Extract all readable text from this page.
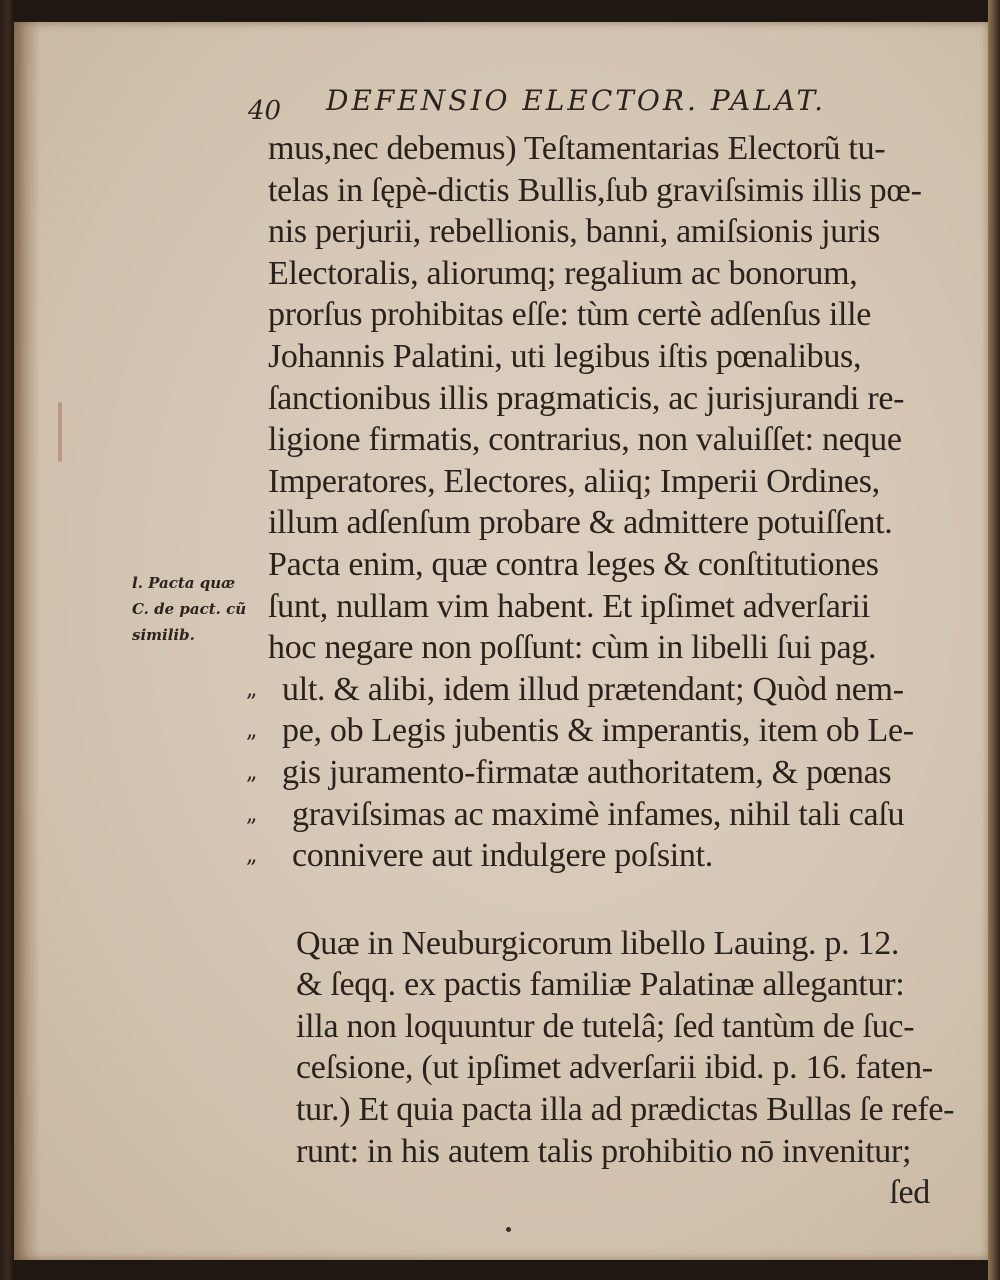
40 DEFENSIO ELECTOR. PALAT.
l. Pacta quæ
C. de pact. cũ
similib.
mus,nec debemus) Teſtamentarias Electorũ tu-
telas in ſępè-dictis Bullis,ſub graviſsimis illis pœ-
nis perjurii, rebellionis, banni, amiſsionis juris
Electoralis, aliorumq; regalium ac bonorum,
prorſus prohibitas eſſe: tùm certè adſenſus ille
Johannis Palatini, uti legibus iſtis pœnalibus,
ſanctionibus illis pragmaticis, ac jurisjurandi re-
ligione firmatis, contrarius, non valuiſſet: neque
Imperatores, Electores, aliiq; Imperii Ordines,
illum adſenſum probare & admittere potuiſſent.
Pacta enim, quæ contra leges & conſtitutiones
ſunt, nullam vim habent. Et ipſimet adverſarii
hoc negare non poſſunt: cùm in libelli ſui pag.
„ ult. & alibi, idem illud prætendant; Quòd nem-
„ pe, ob Legis jubentis & imperantis, item ob Le-
„ gis juramento-firmatæ authoritatem, & pœnas
„ graviſsimas ac maximè infames, nihil tali caſu
„ connivere aut indulgere poſsint.
Quæ in Neuburgicorum libello Lauing. p. 12.
& ſeqq. ex pactis familiæ Palatinæ allegantur:
illa non loquuntur de tutelâ; ſed tantùm de ſuc-
ceſsione, (ut ipſimet adverſarii ibid. p. 16. faten-
tur.) Et quia pacta illa ad prædictas Bullas ſe refe-
runt: in his autem talis prohibitio nō invenitur;
ſed
